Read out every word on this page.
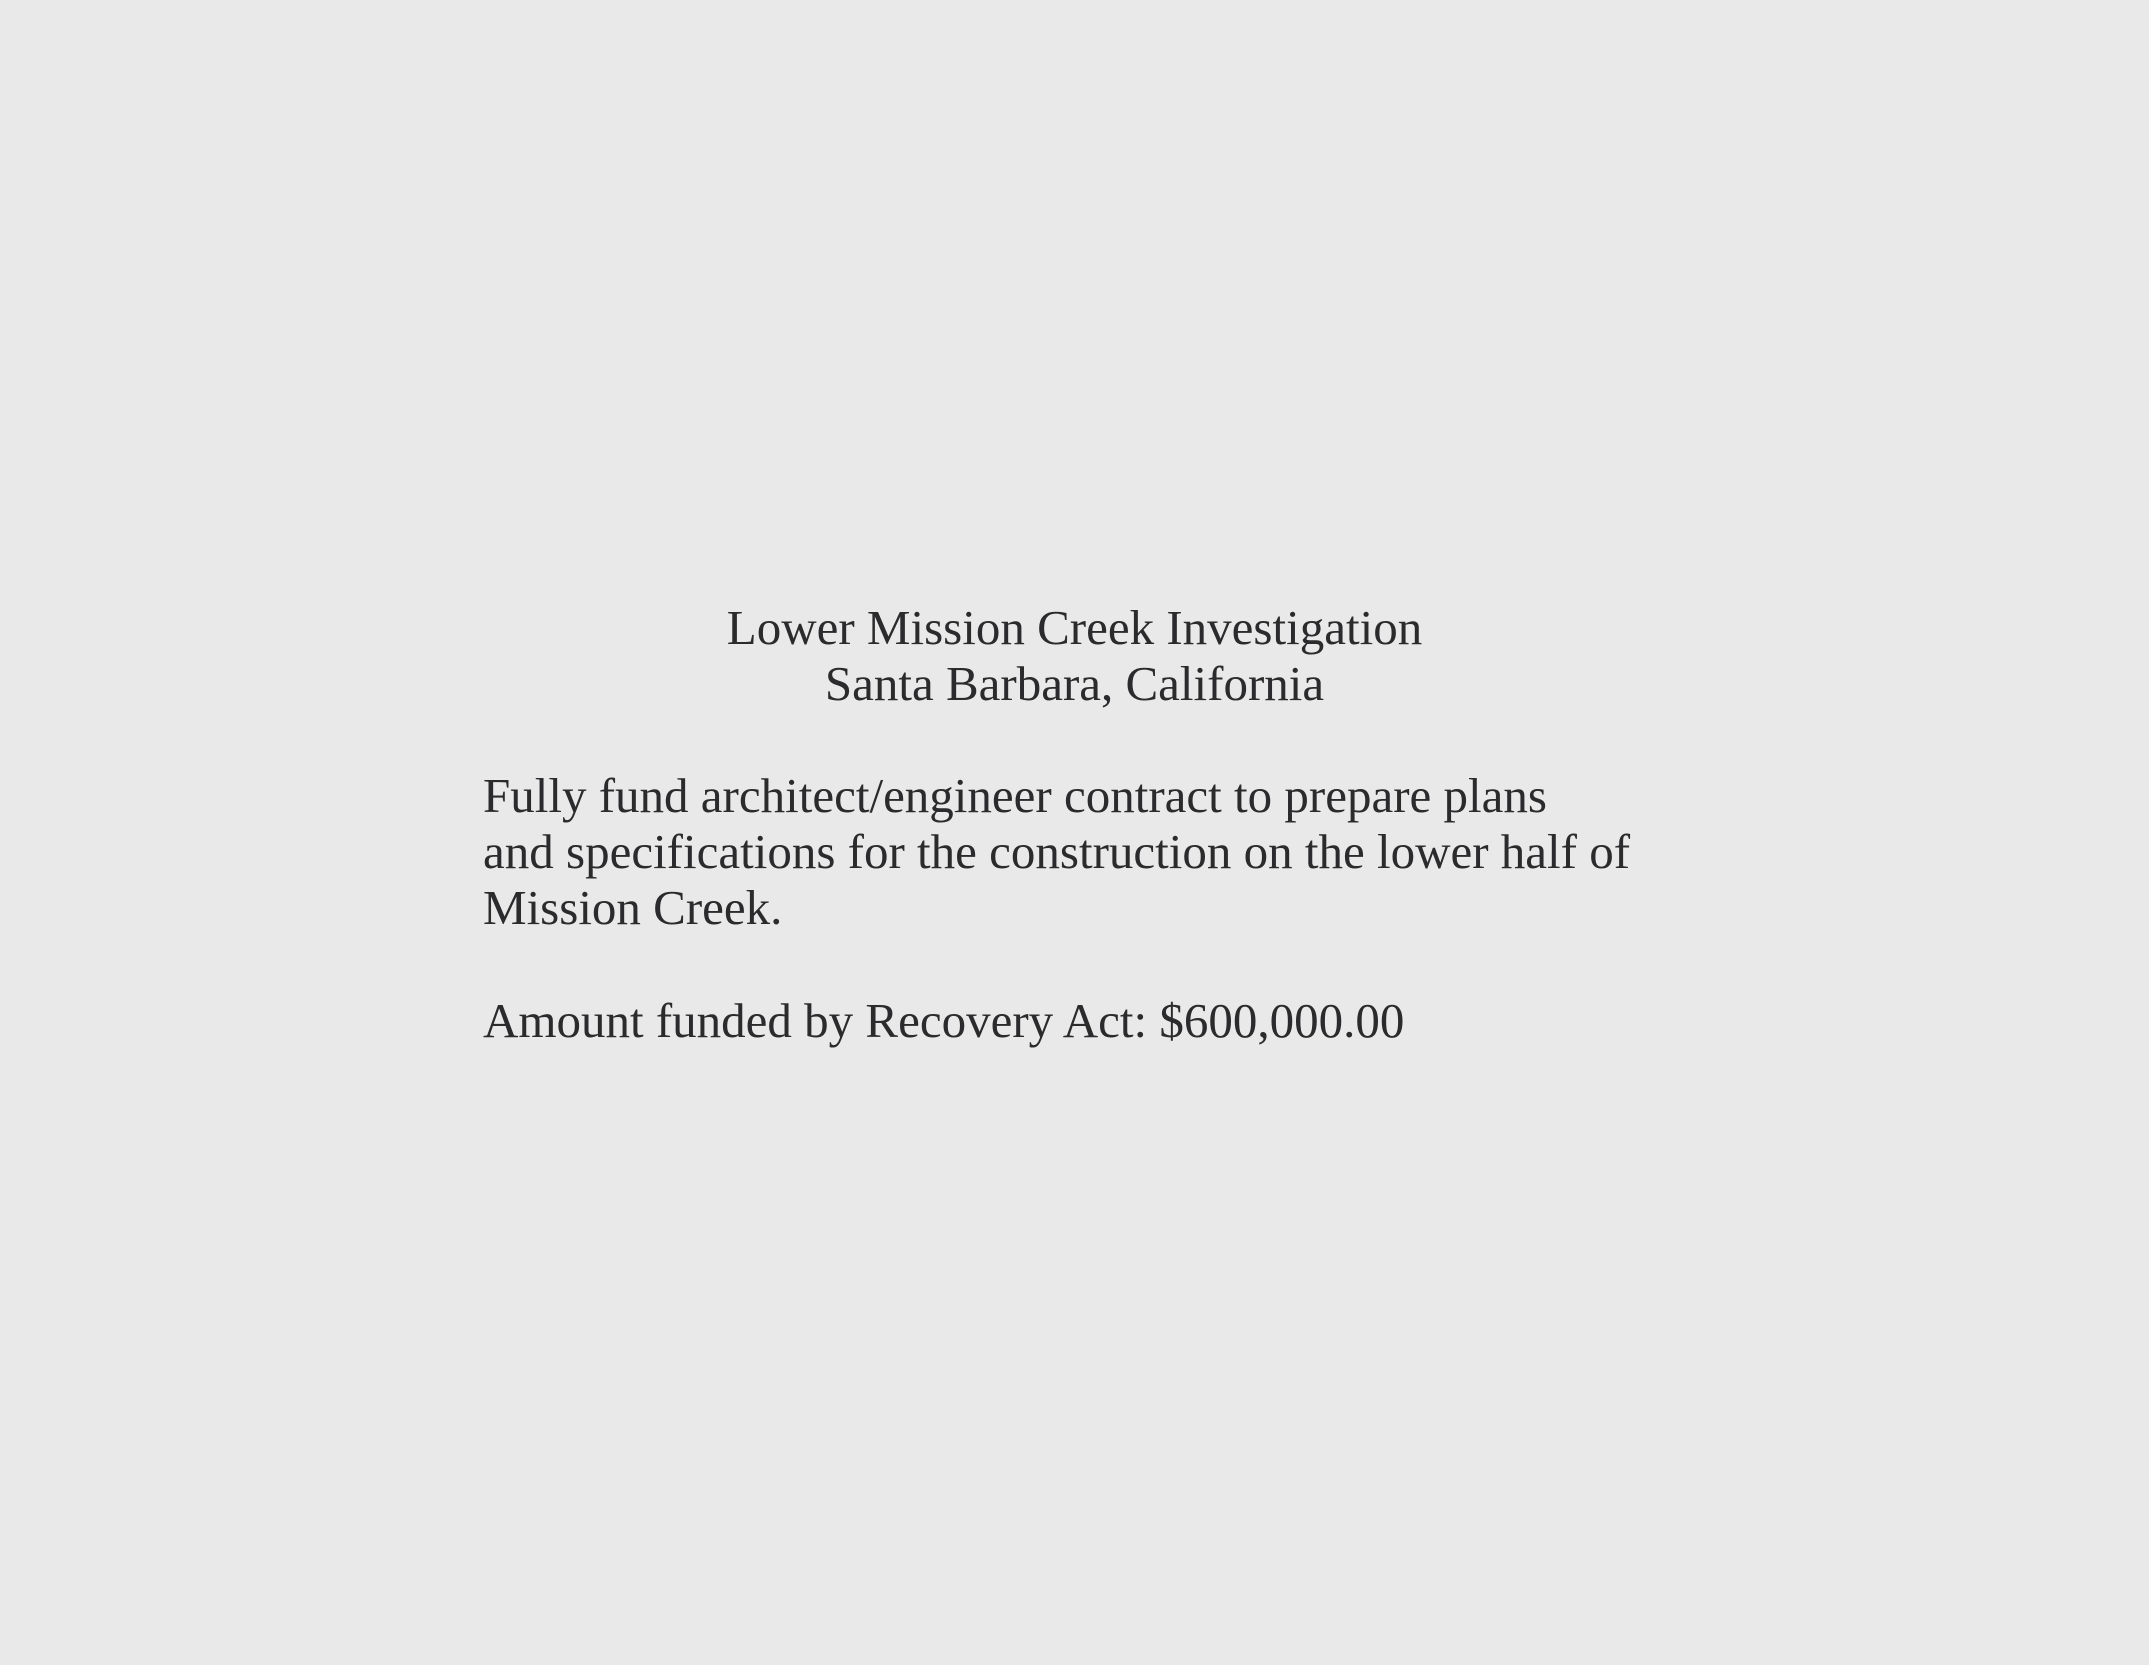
Lower Mission Creek Investigation
Santa Barbara, California

Fully fund architect/engineer contract to prepare plans
and specifications for the construction on the lower half of
Mission Creek.

Amount funded by Recovery Act: $600,000.00
